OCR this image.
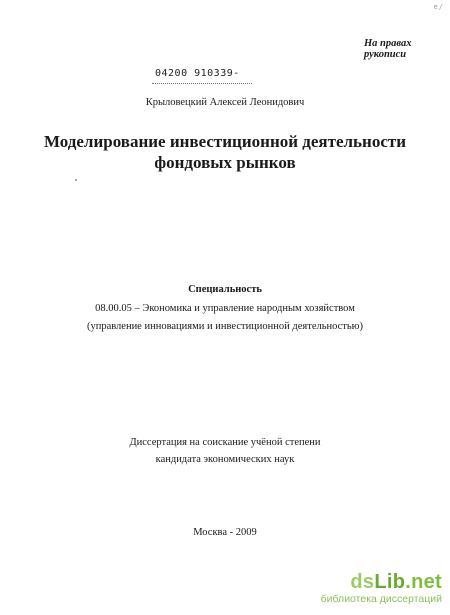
e/
На правах рукописи
04200 910339-
Крыловецкий Алексей Леонидович
Моделирование инвестиционной деятельности
фондовых рынков
Специальность
08.00.05 – Экономика и управление народным хозяйством
(управление инновациями и инвестиционной деятельностью)
Диссертация на соискание учёной степени
кандидата экономических наук
Москва - 2009
dsLib.net
библиотека диссертаций
